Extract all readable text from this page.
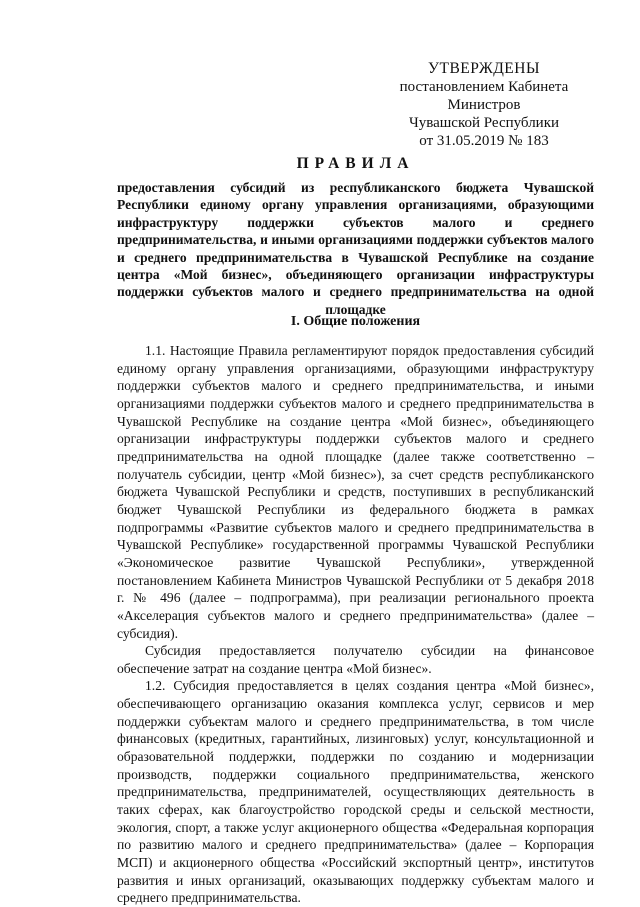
УТВЕРЖДЕНЫ
постановлением Кабинета Министров
Чувашской Республики
от 31.05.2019 № 183
ПРАВИЛА

предоставления субсидий из республиканского бюджета Чувашской Республики единому органу управления организациями, образующими инфраструктуру поддержки субъектов малого и среднего предпринимательства, и иными организациями поддержки субъектов малого и среднего предпринимательства в Чувашской Республике на создание центра «Мой бизнес», объединяющего организации инфраструктуры поддержки субъектов малого и среднего предпринимательства на одной площадке

I. Общие положения

1.1. Настоящие Правила регламентируют порядок предоставления субсидий единому органу управления организациями, образующими инфраструктуру поддержки субъектов малого и среднего предпринимательства, и иными организациями поддержки субъектов малого и среднего предпринимательства в Чувашской Республике на создание центра «Мой бизнес», объединяющего организации инфраструктуры поддержки субъектов малого и среднего предпринимательства на одной площадке (далее также соответственно – получатель субсидии, центр «Мой бизнес»), за счет средств республиканского бюджета Чувашской Республики и средств, поступивших в республиканский бюджет Чувашской Республики из федерального бюджета в рамках подпрограммы «Развитие субъектов малого и среднего предпринимательства в Чувашской Республике» государственной программы Чувашской Республики «Экономическое развитие Чувашской Республики», утвержденной постановлением Кабинета Министров Чувашской Республики от 5 декабря 2018 г. № 496 (далее – подпрограмма), при реализации регионального проекта «Акселерация субъектов малого и среднего предпринимательства» (далее – субсидия).

Субсидия предоставляется получателю субсидии на финансовое обеспечение затрат на создание центра «Мой бизнес».

1.2. Субсидия предоставляется в целях создания центра «Мой бизнес», обеспечивающего организацию оказания комплекса услуг, сервисов и мер поддержки субъектам малого и среднего предпринимательства, в том числе финансовых (кредитных, гарантийных, лизинговых) услуг, консультационной и образовательной поддержки, поддержки по созданию и модернизации производств, поддержки социального предпринимательства, женского предпринимательства, предпринимателей, осуществляющих деятельность в таких сферах, как благоустройство городской среды и сельской местности, экология, спорт, а также услуг акционерного общества «Федеральная корпорация по развитию малого и среднего предпринимательства» (далее – Корпорация МСП) и акционерного общества «Российский экспортный центр», институтов развития и иных организаций, оказывающих поддержку субъектам малого и среднего предпринимательства.
